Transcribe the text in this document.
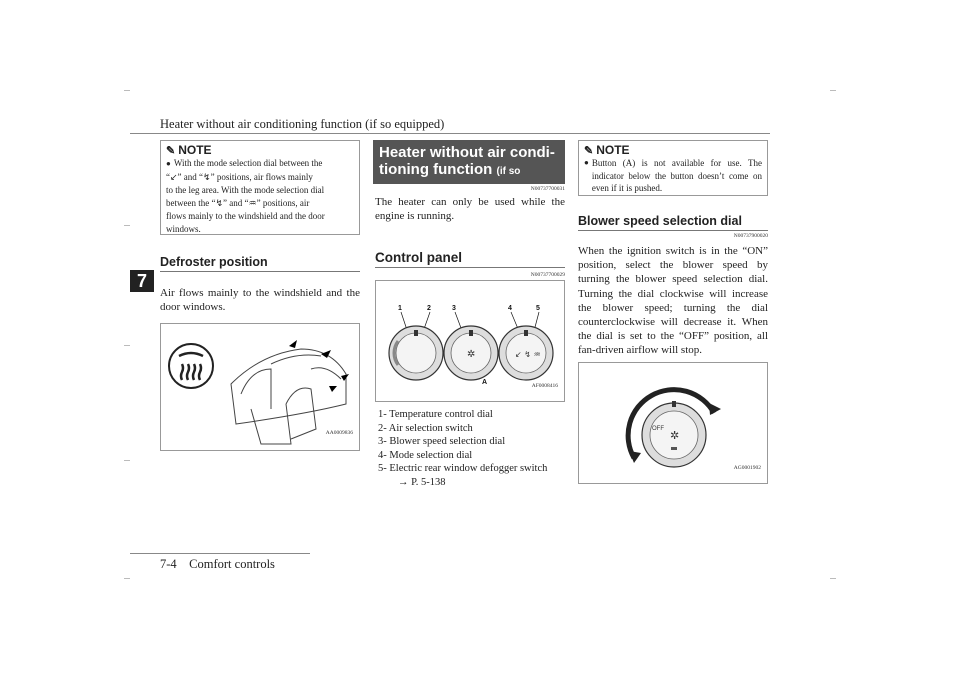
Heater without air conditioning function (if so equipped)
7
✎ NOTE
● With the mode selection dial between the
“↙” and “↯” positions, air flows mainly
to the leg area. With the mode selection dial
between the “↯” and “♒” positions, air
flows mainly to the windshield and the door
windows.
Defroster position
Air flows mainly to the windshield and the door windows.
AA0009836
Heater without air condi-
tioning function (if so equipped)	N00737700031
The heater can only be used while the engine is running.
Control panel
N00737700029
1	2	3	4	5
A
✲	↙ ↯ ♒
AF0008416
1- Temperature control dial
2- Air selection switch
3- Blower speed selection dial
4- Mode selection dial
5- Electric rear window defogger switch
→ P. 5-138
✎ NOTE
● Button (A) is not available for use. The indicator below the button doesn’t come on even if it is pushed.
Blower speed selection dial
N00737900020
When the ignition switch is in the “ON” position, select the blower speed by turning the blower speed selection dial. Turning the dial clockwise will increase the blower speed; turning the dial counterclockwise will decrease it. When the dial is set to the “OFF” position, all fan-driven airflow will stop.
✲
OFF
AG0001902
7-4    Comfort controls
